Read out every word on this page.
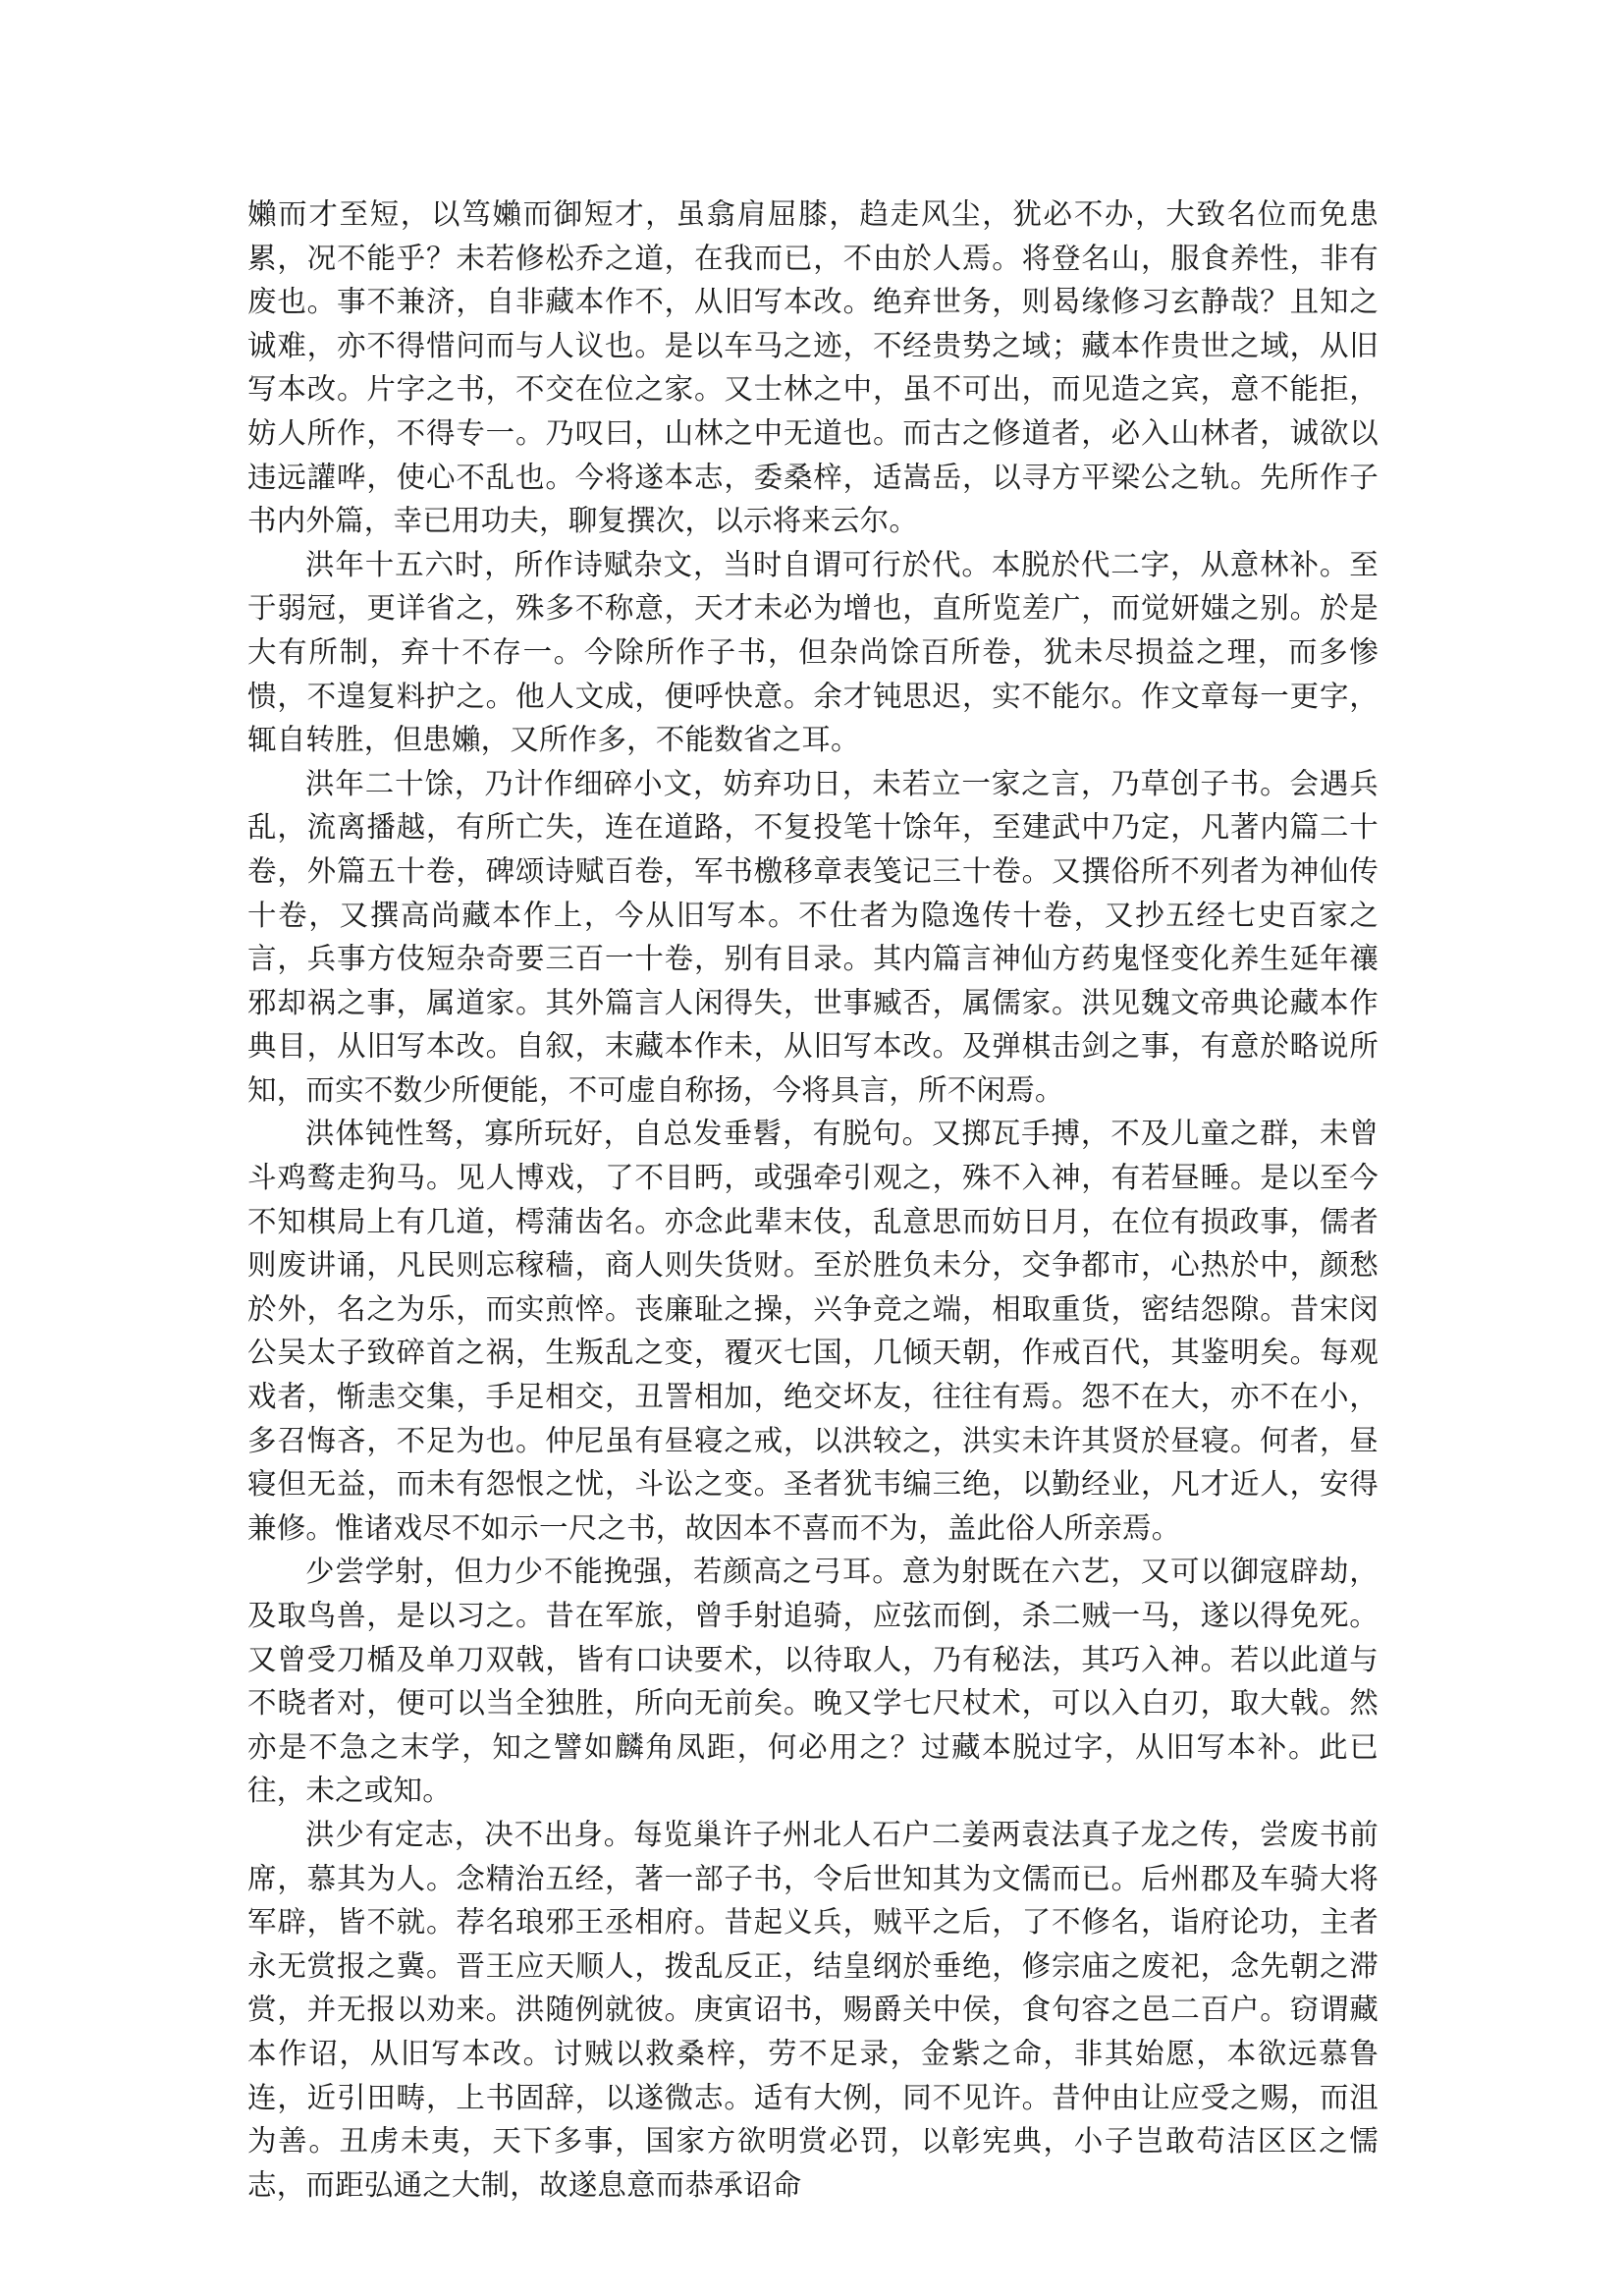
嬾而才至短，以笃嬾而御短才，虽翕肩屈膝，趋走风尘，犹必不办，大致名位而免患累，况不能乎？未若修松乔之道，在我而已，不由於人焉。将登名山，服食养性，非有废也。事不兼济，自非藏本作不，从旧写本改。绝弃世务，则曷缘修习玄静哉？且知之诚难，亦不得惜问而与人议也。是以车马之迹，不经贵势之域；藏本作贵世之域，从旧写本改。片字之书，不交在位之家。又士林之中，虽不可出，而见造之宾，意不能拒，妨人所作，不得专一。乃叹曰，山林之中无道也。而古之修道者，必入山林者，诚欲以违远讙哗，使心不乱也。今将遂本志，委桑梓，适嵩岳，以寻方平梁公之轨。先所作子书内外篇，幸已用功夫，聊复撰次，以示将来云尔。

洪年十五六时，所作诗赋杂文，当时自谓可行於代。本脱於代二字，从意林补。至于弱冠，更详省之，殊多不称意，天才未必为增也，直所览差广，而觉妍媸之别。於是大有所制，弃十不存一。今除所作子书，但杂尚馀百所卷，犹未尽损益之理，而多惨愦，不遑复料护之。他人文成，便呼快意。余才钝思迟，实不能尔。作文章每一更字，辄自转胜，但患嬾，又所作多，不能数省之耳。

洪年二十馀，乃计作细碎小文，妨弃功日，未若立一家之言，乃草创子书。会遇兵乱，流离播越，有所亡失，连在道路，不复投笔十馀年，至建武中乃定，凡著内篇二十卷，外篇五十卷，碑颂诗赋百卷，军书檄移章表笺记三十卷。又撰俗所不列者为神仙传十卷，又撰高尚藏本作上，今从旧写本。不仕者为隐逸传十卷，又抄五经七史百家之言，兵事方伎短杂奇要三百一十卷，别有目录。其内篇言神仙方药鬼怪变化养生延年禳邪却祸之事，属道家。其外篇言人闲得失，世事臧否，属儒家。洪见魏文帝典论藏本作典目，从旧写本改。自叙，末藏本作未，从旧写本改。及弹棋击剑之事，有意於略说所知，而实不数少所便能，不可虚自称扬，今将具言，所不闲焉。

洪体钝性驽，寡所玩好，自总发垂髫，有脱句。又掷瓦手搏，不及儿童之群，未曾斗鸡鹜走狗马。见人博戏，了不目眄，或强牵引观之，殊不入神，有若昼睡。是以至今不知棋局上有几道，樗蒲齿名。亦念此辈末伎，乱意思而妨日月，在位有损政事，儒者则废讲诵，凡民则忘稼穑，商人则失货财。至於胜负未分，交争都市，心热於中，颜愁於外，名之为乐，而实煎悴。丧廉耻之操，兴争竞之端，相取重货，密结怨隙。昔宋闵公吴太子致碎首之祸，生叛乱之变，覆灭七国，几倾天朝，作戒百代，其鉴明矣。每观戏者，惭恚交集，手足相交，丑詈相加，绝交坏友，往往有焉。怨不在大，亦不在小，多召悔吝，不足为也。仲尼虽有昼寝之戒，以洪较之，洪实未许其贤於昼寝。何者，昼寝但无益，而未有怨恨之忧，斗讼之变。圣者犹韦编三绝，以勤经业，凡才近人，安得兼修。惟诸戏尽不如示一尺之书，故因本不喜而不为，盖此俗人所亲焉。

少尝学射，但力少不能挽强，若颜高之弓耳。意为射既在六艺，又可以御寇辟劫，及取鸟兽，是以习之。昔在军旅，曾手射追骑，应弦而倒，杀二贼一马，遂以得免死。又曾受刀楯及单刀双戟，皆有口诀要术，以待取人，乃有秘法，其巧入神。若以此道与不晓者对，便可以当全独胜，所向无前矣。晚又学七尺杖术，可以入白刃，取大戟。然亦是不急之末学，知之譬如麟角凤距，何必用之？过藏本脱过字，从旧写本补。此已往，未之或知。

洪少有定志，决不出身。每览巢许子州北人石户二姜两袁法真子龙之传，尝废书前席，慕其为人。念精治五经，著一部子书，令后世知其为文儒而已。后州郡及车骑大将军辟，皆不就。荐名琅邪王丞相府。昔起义兵，贼平之后，了不修名，诣府论功，主者永无赏报之冀。晋王应天顺人，拨乱反正，结皇纲於垂绝，修宗庙之废祀，念先朝之滞赏，并无报以劝来。洪随例就彼。庚寅诏书，赐爵关中侯，食句容之邑二百户。窃谓藏本作诏，从旧写本改。讨贼以救桑梓，劳不足录，金紫之命，非其始愿，本欲远慕鲁连，近引田畴，上书固辞，以遂微志。适有大例，同不见许。昔仲由让应受之赐，而沮为善。丑虏未夷，天下多事，国家方欲明赏必罚，以彰宪典，小子岂敢苟洁区区之懦志，而距弘通之大制，故遂息意而恭承诏命
